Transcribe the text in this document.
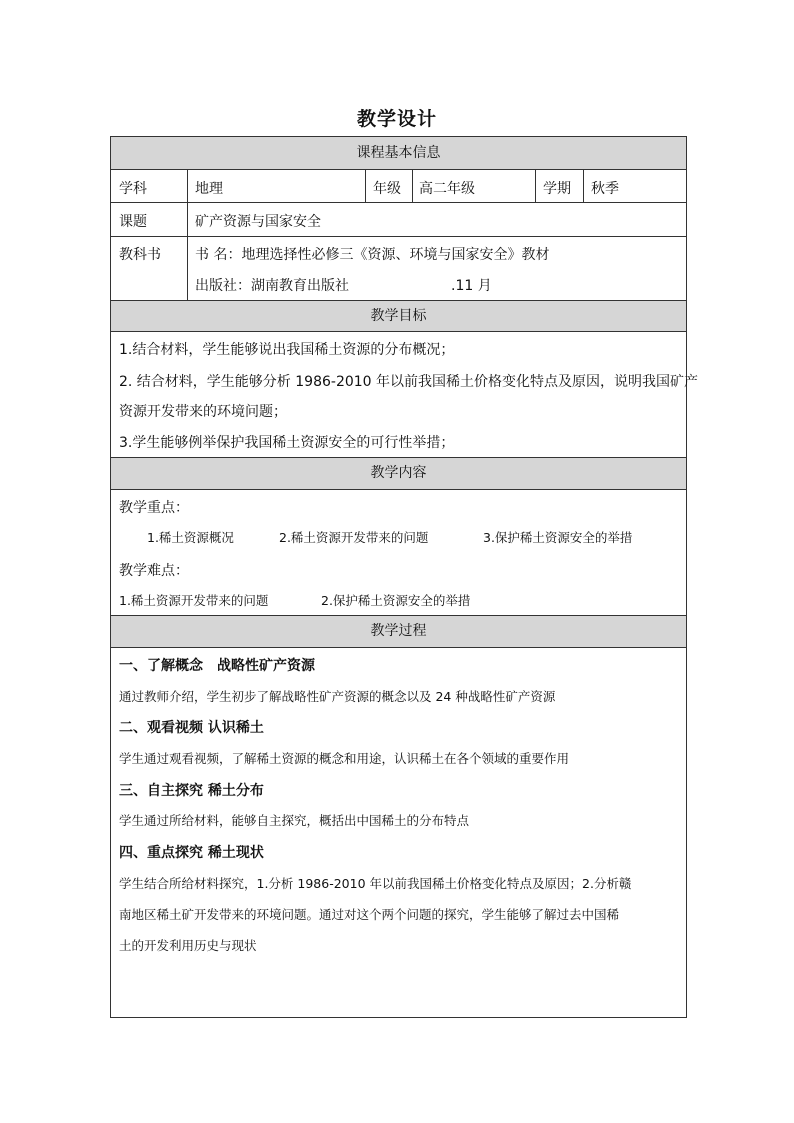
教学设计
课程基本信息
学科	地理	年级 高二年级	学期 秋季
课题	矿产资源与国家安全
教科书 书 名：地理选择性必修三《资源、环境与国家安全》教材
出版社：湖南教育出版社	.11 月
教学目标
1.结合材料，学生能够说出我国稀土资源的分布概况；
2. 结合材料，学生能够分析 1986-2010 年以前我国稀土价格变化特点及原因，说明我国矿产
资源开发带来的环境问题；
3.学生能够例举保护我国稀土资源安全的可行性举措；
教学内容
教学重点：
1.稀土资源概况	2.稀土资源开发带来的问题	3.保护稀土资源安全的举措
教学难点：
1.稀土资源开发带来的问题	2.保护稀土资源安全的举措
教学过程
一、了解概念　战略性矿产资源
通过教师介绍，学生初步了解战略性矿产资源的概念以及 24 种战略性矿产资源
二、观看视频 认识稀土
学生通过观看视频，了解稀土资源的概念和用途，认识稀土在各个领域的重要作用
三、自主探究 稀土分布
学生通过所给材料，能够自主探究，概括出中国稀土的分布特点
四、重点探究 稀土现状
学生结合所给材料探究，1.分析 1986-2010 年以前我国稀土价格变化特点及原因；2.分析赣
南地区稀土矿开发带来的环境问题。通过对这个两个问题的探究，学生能够了解过去中国稀
土的开发利用历史与现状
